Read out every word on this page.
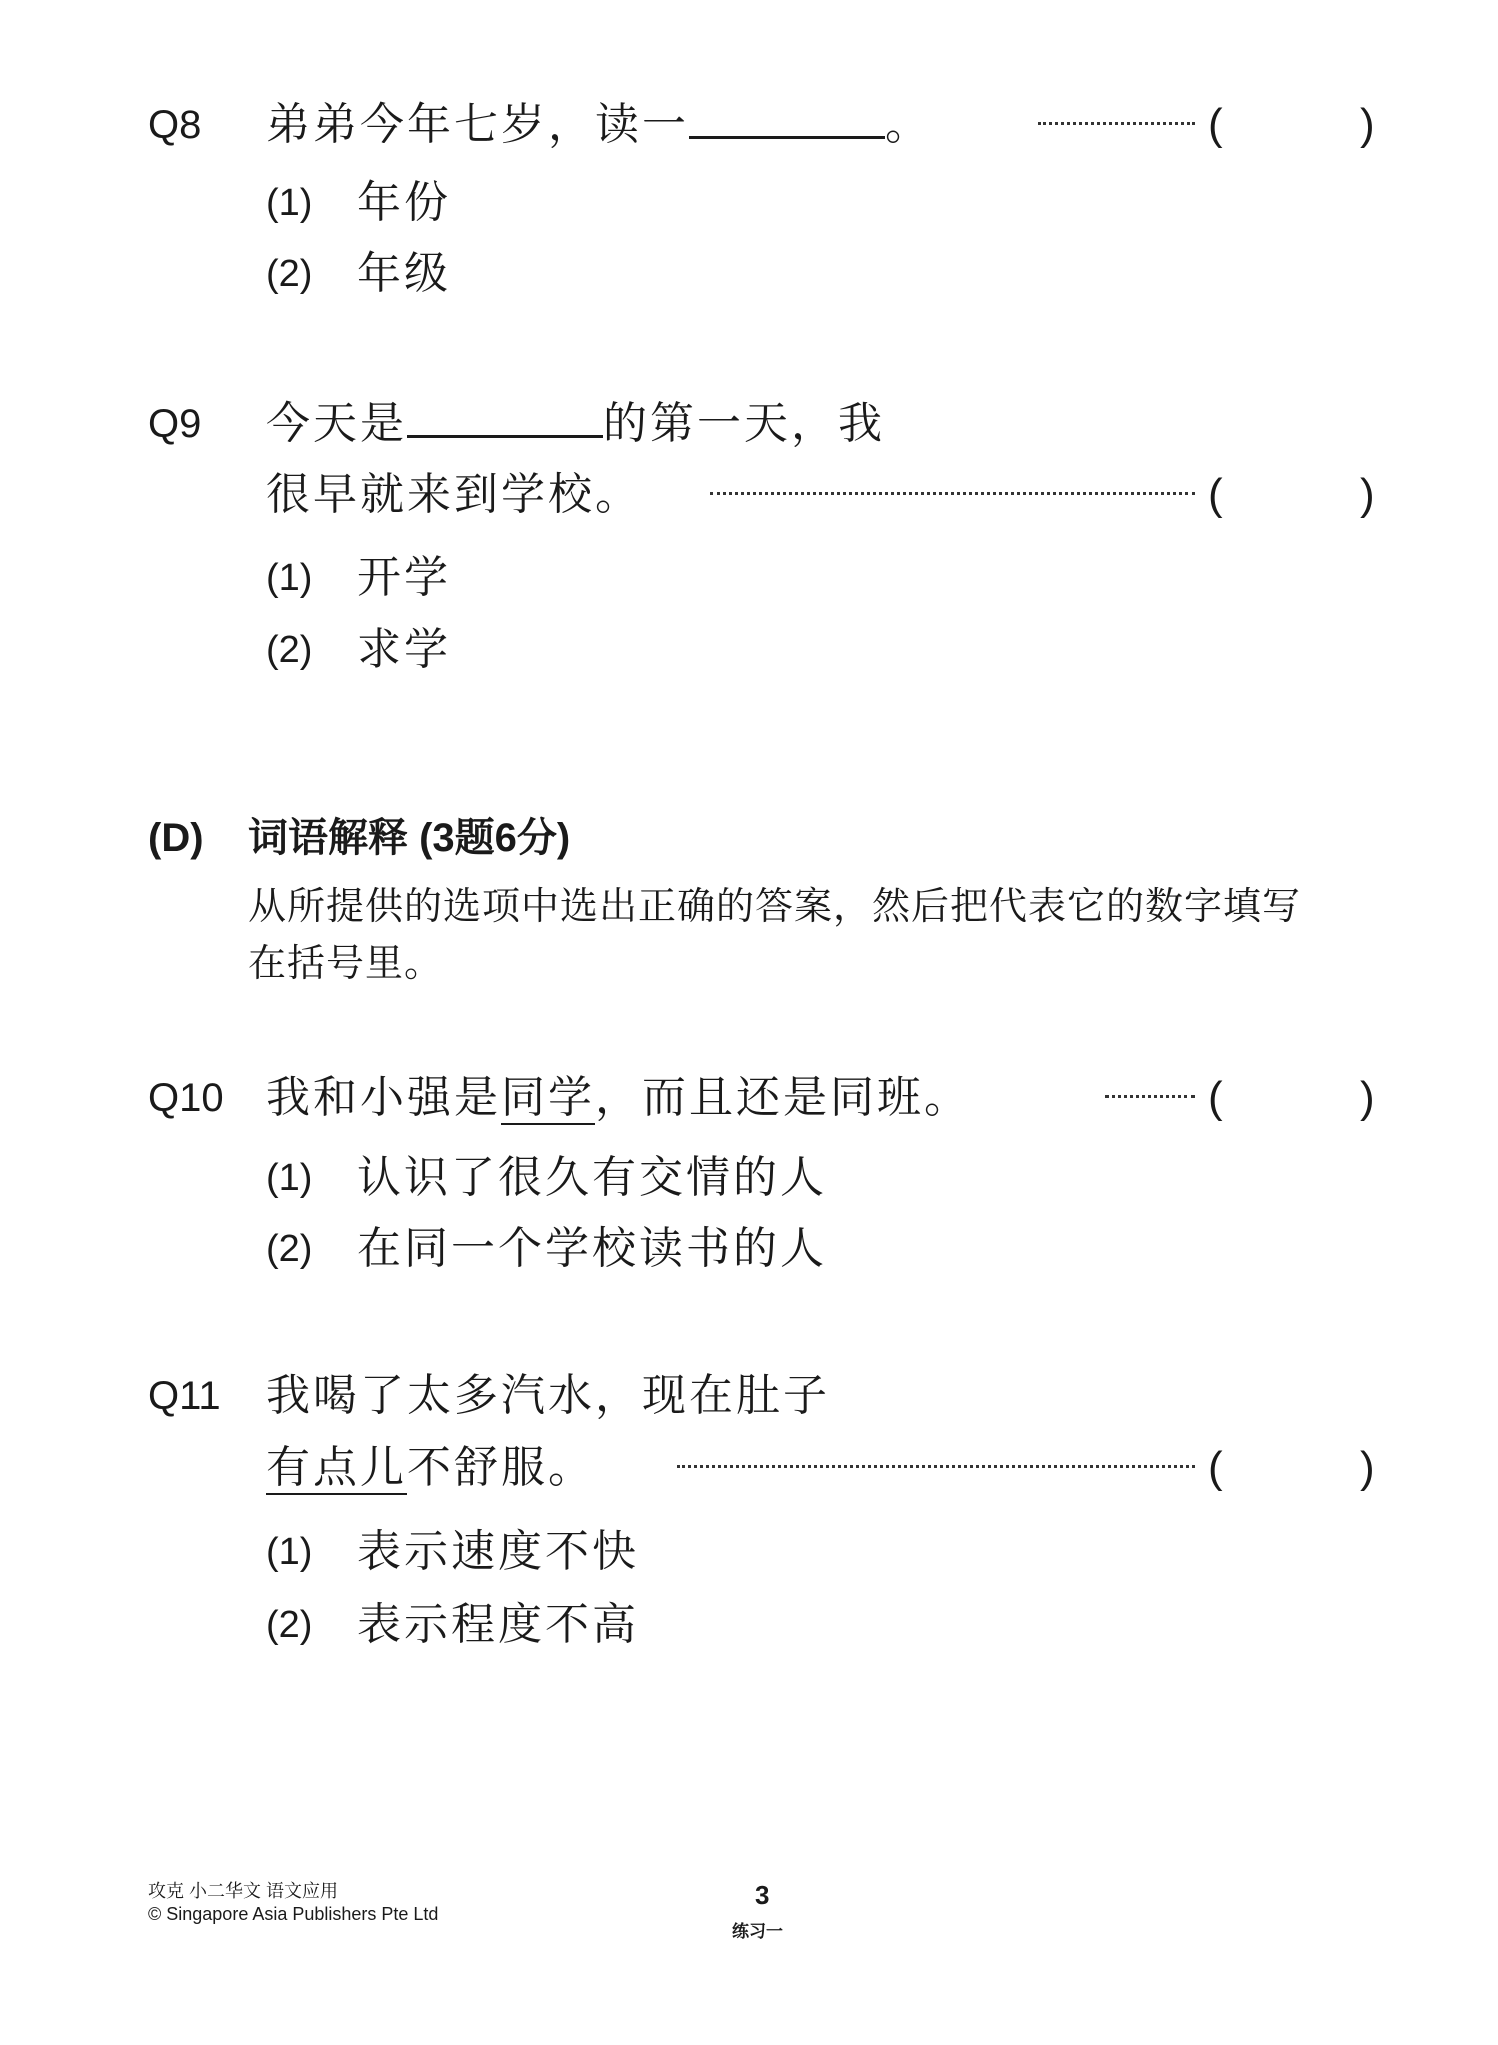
Q8 弟弟今年七岁，读一	。	(	)
(1) 年份
(2) 年级
Q9 今天是	的第一天，我
很早就来到学校。	(	)
(1) 开学
(2) 求学
(D) 词语解释 (3题6分)
从所提供的选项中选出正确的答案，然后把代表它的数字填写
在括号里。
Q10 我和小强是同学，而且还是同班。	(	)
(1) 认识了很久有交情的人
(2) 在同一个学校读书的人
Q11 我喝了太多汽水，现在肚子
有点儿不舒服。	(	)
(1) 表示速度不快
(2) 表示程度不高
攻克 小二华文 语文应用
© Singapore Asia Publishers Pte Ltd
3
练习一
